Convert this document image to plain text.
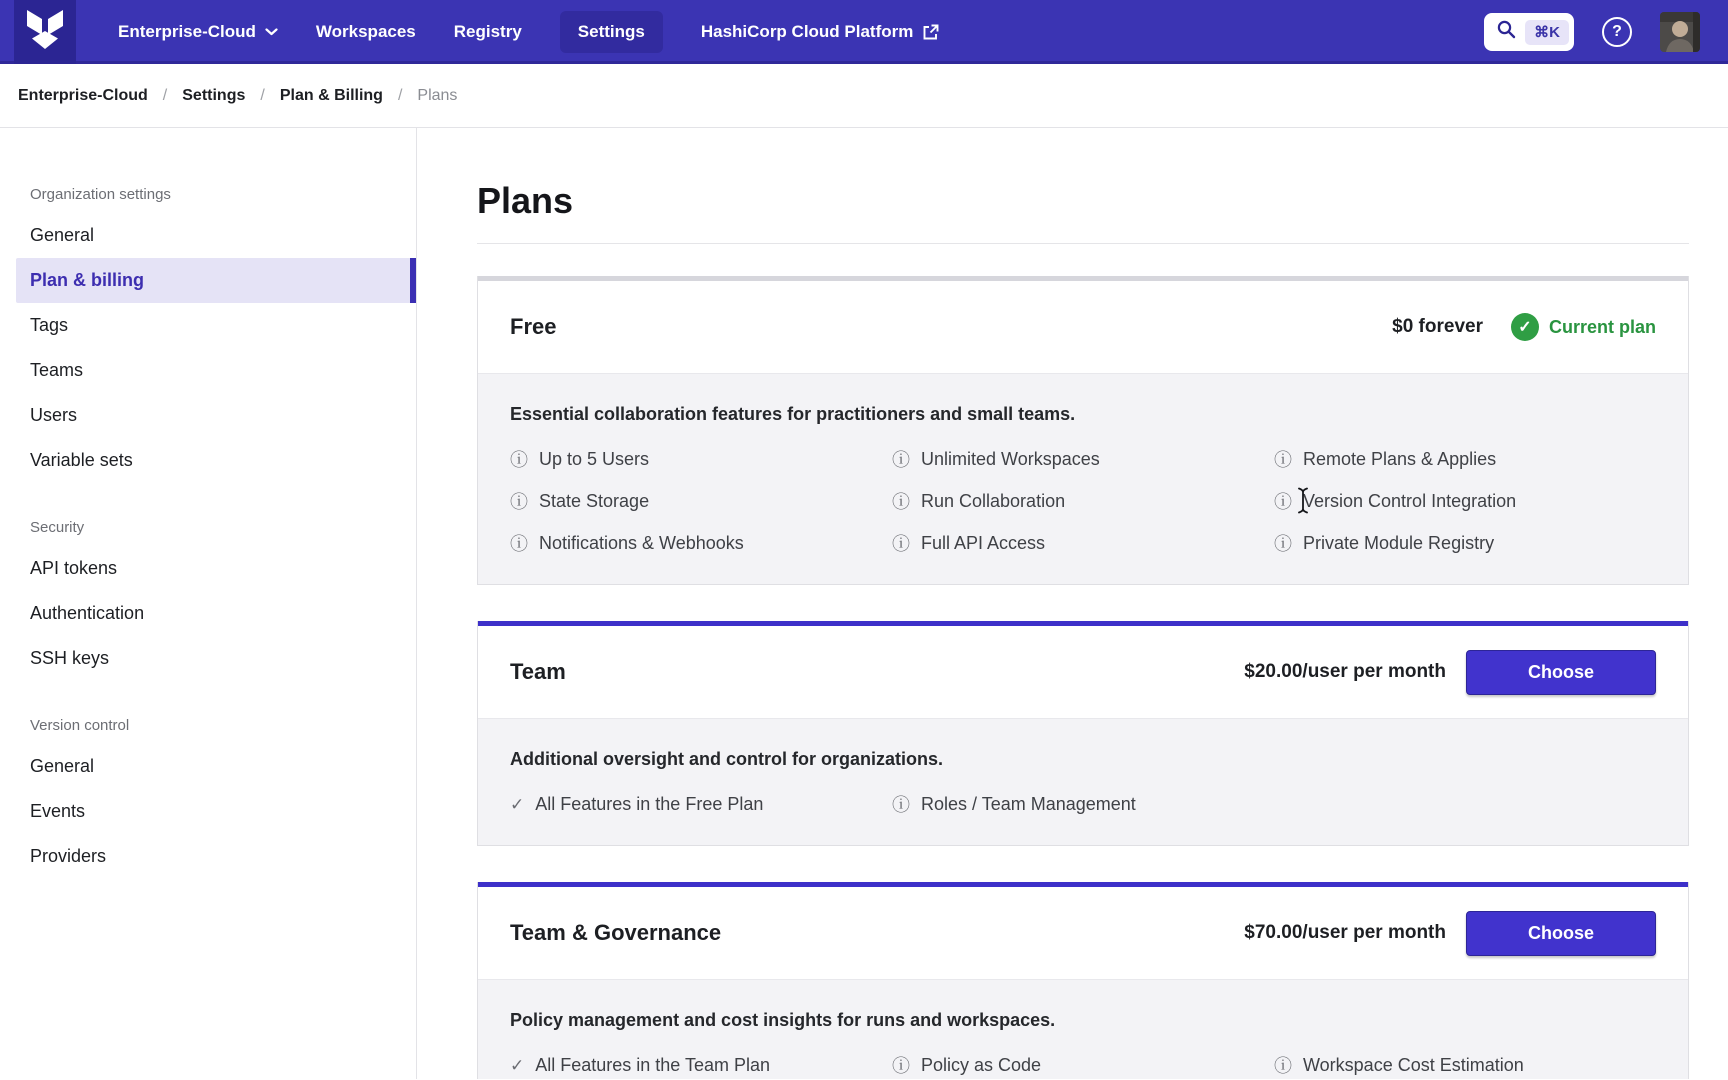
Enterprise-Cloud	Workspaces Registry	Settings	HashiCorp Cloud Platform	⌘K	?
Enterprise-Cloud / Settings / Plan & Billing / Plans
Organization settings
General
Plan & billing
Tags
Teams
Users
Variable sets
Security
API tokens
Authentication
SSH keys
Version control
General
Events
Providers
Plans
Free	$0 forever	✓ Current plan

Essential collaboration features for practitioners and small teams.

ⓘ Up to 5 Users	ⓘ Unlimited Workspaces	ⓘ Remote Plans & Applies
ⓘ State Storage	ⓘ Run Collaboration	ⓘ Version Control Integration
ⓘ Notifications & Webhooks	ⓘ Full API Access	ⓘ Private Module Registry
Team	$20.00/user per month	Choose

Additional oversight and control for organizations.

✓ All Features in the Free Plan	ⓘ Roles / Team Management
Team & Governance	$70.00/user per month	Choose

Policy management and cost insights for runs and workspaces.

✓ All Features in the Team Plan	ⓘ Policy as Code	ⓘ Workspace Cost Estimation
